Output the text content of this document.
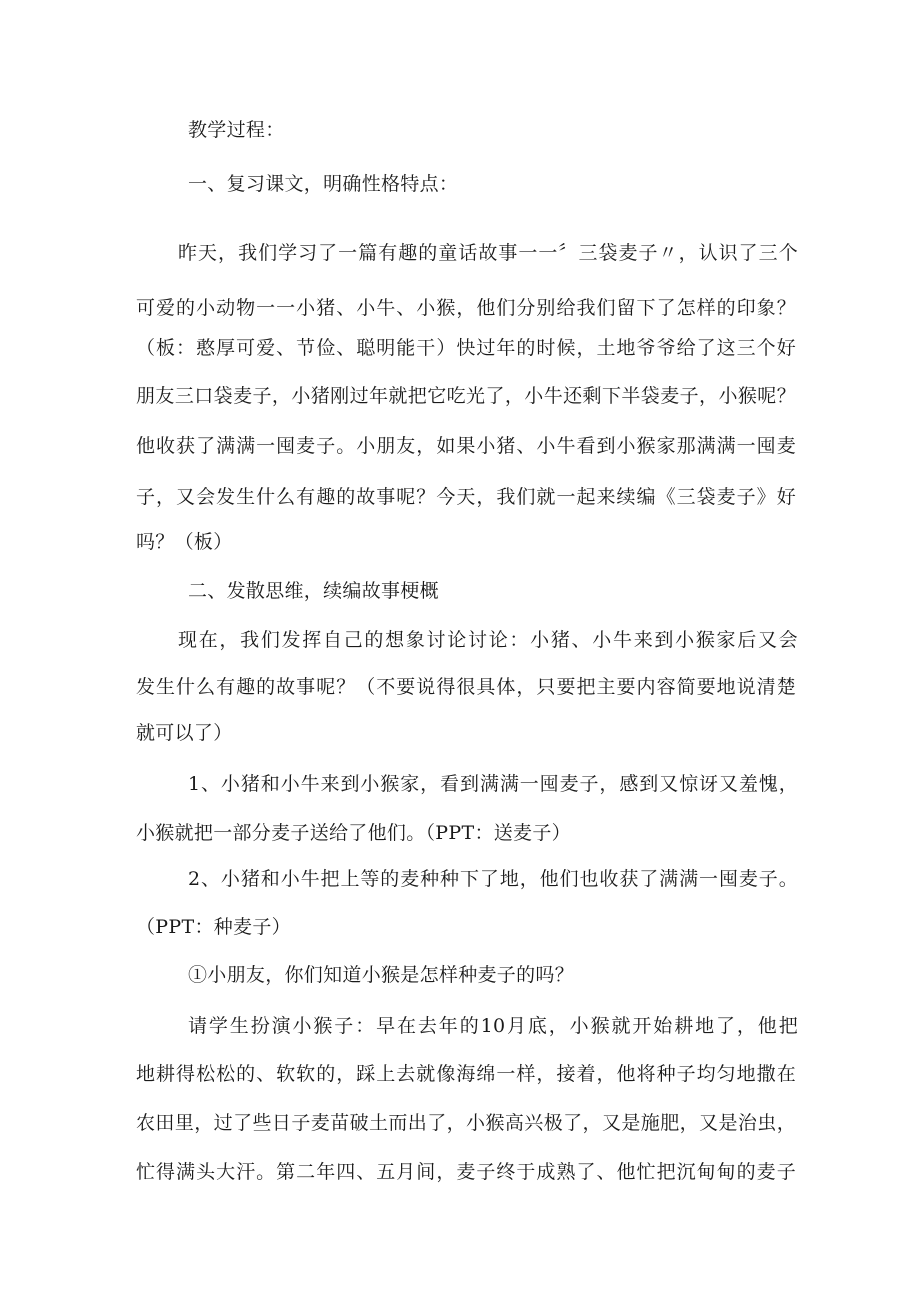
教学过程：
一、复习课文，明确性格特点：
昨天，我们学习了一篇有趣的童话故事一一〞三袋麦子〃，认识了三个
可爱的小动物一一小猪、小牛、小猴，他们分别给我们留下了怎样的印象？
（板：憨厚可爱、节俭、聪明能干）快过年的时候，土地爷爷给了这三个好
朋友三口袋麦子，小猪刚过年就把它吃光了，小牛还剩下半袋麦子，小猴呢？
他收获了满满一囤麦子。小朋友，如果小猪、小牛看到小猴家那满满一囤麦
子，又会发生什么有趣的故事呢？今天，我们就一起来续编《三袋麦子》好
吗？（板）
二、发散思维，续编故事梗概
现在，我们发挥自己的想象讨论讨论：小猪、小牛来到小猴家后又会
发生什么有趣的故事呢？（不要说得很具体，只要把主要内容简要地说清楚
就可以了）
1、小猪和小牛来到小猴家，看到满满一囤麦子，感到又惊讶又羞愧，
小猴就把一部分麦子送给了他们。（PPT：送麦子）
2、小猪和小牛把上等的麦种种下了地，他们也收获了满满一囤麦子。
（PPT：种麦子）
①小朋友，你们知道小猴是怎样种麦子的吗？
请学生扮演小猴子：早在去年的10月底，小猴就开始耕地了，他把
地耕得松松的、软软的，踩上去就像海绵一样，接着，他将种子均匀地撒在
农田里，过了些日子麦苗破土而出了，小猴高兴极了，又是施肥，又是治虫，
忙得满头大汗。第二年四、五月间，麦子终于成熟了、他忙把沉甸甸的麦子
